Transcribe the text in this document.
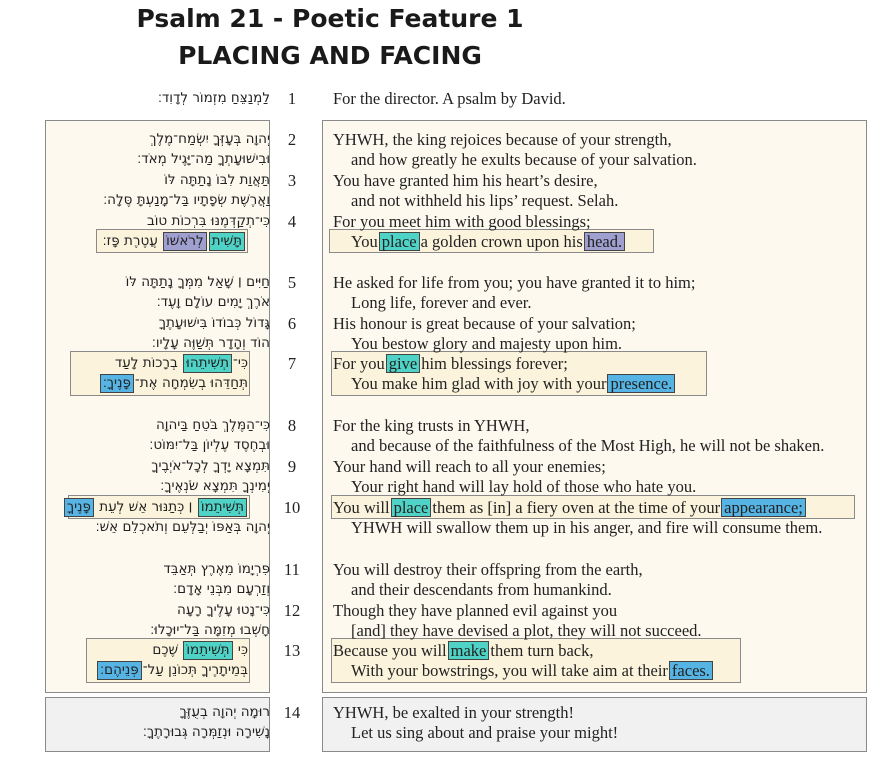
Psalm 21 - Poetic Feature 1
PLACING AND FACING
לַמְנַצֵּחַ מִזְמוֹר לְדָוִד׃	1	For the director. A psalm by David.
יְהוָה בְּעָזְּךָ יִשְׂמַח־מֶלֶךְ	2	YHWH, the king rejoices because of your strength,
וּבִישׁוּעָתְךָ מַה־יָּגֶיל מְאֹד׃	and how greatly he exults because of your salvation.
תַּאֲוַת לִבּוֹ נָתַתָּה לּוֹ	3	You have granted him his heart’s desire,
וַאֲרֶשֶׁת שְׂפָתָיו בַּל־מָנַעְתָּ סֶּלָה׃	and not withheld his lips’ request. Selah.
כִּי־תְקַדְּמֶנּוּ בִּרְכוֹת טוֹב	4	For you meet him with good blessings;
תָּשִׁיתלְרֹאשׁוֹ עֲטֶרֶת פָּז׃	You place a golden crown upon his head.
חַיִּים ׀ שָׁאַל מִמְּךָ נָתַתָּה לּוֹ	5	He asked for life from you; you have granted it to him;
אֹרֶךְ יָמִים עוֹלָם וָעֶד׃	Long life, forever and ever.
גָּדוֹל כְּבוֹדוֹ בִּישׁוּעָתֶךָ	6	His honour is great because of your salvation;
הוֹד וְהָדָר תְּשַׁוֶּה עָלָיו׃	You bestow glory and majesty upon him.
כִּי־תְשִׁיתֵהוּ בְרָכוֹת לָעַד	7	For you give him blessings forever;
תְּחַדֵּהוּ בְשִׂמְחָה אֶת־פָּנֶיךָ׃	You make him glad with joy with your presence.
כִּי־הַמֶּלֶךְ בֹּטֵחַ בַּיהוָה	8	For the king trusts in YHWH,
וּבְחֶסֶד עֶלְיוֹן בַּל־יִמּוֹט׃	and because of the faithfulness of the Most High, he will not be shaken.
תִּמְצָא יָדְךָ לְכָל־אֹיְבֶיךָ	9	Your hand will reach to all your enemies;
יְמִינְךָ תִּמְצָא שֹׂנְאֶיךָ׃	Your right hand will lay hold of those who hate you.
תְּשִׁיתֵמוֹ ׀ כְּתַנּוּר אֵשׁ לְעֵת פָּנֶיךָ	10	You will place them as [in] a fiery oven at the time of your appearance;
יְהוָה בְּאַפּוֹ יְבַלְּעֵם וְתֹאכְלֵם אֵשׁ׃	YHWH will swallow them up in his anger, and fire will consume them.
פִּרְיָמוֹ מֵאֶרֶץ תְּאַבֵּד 11	You will destroy their offspring from the earth,
וְזַרְעָם מִבְּנֵי אָדָם׃	and their descendants from humankind.
כִּי־נָטוּ עָלֶיךָ רָעָה 12	Though they have planned evil against you
חָשְׁבוּ מְזִמָּה בַּל־יוּכָלוּ׃	[and] they have devised a plot, they will not succeed.
כִּי תְּשִׁיתֵמוֹ שֶׁכֶם	13	Because you will make them turn back,
בְּמֵיתָרֶיךָ תְּכוֹנֵן עַל־פְּנֵיהֶם׃	With your bowstrings, you will take aim at their faces.
רוּמָה יְהוָה בְעֻזֶּךָ 14	YHWH, be exalted in your strength!
נָשִׁירָה וּנְזַמְּרָה גְּבוּרָתֶךָ׃	Let us sing about and praise your might!
